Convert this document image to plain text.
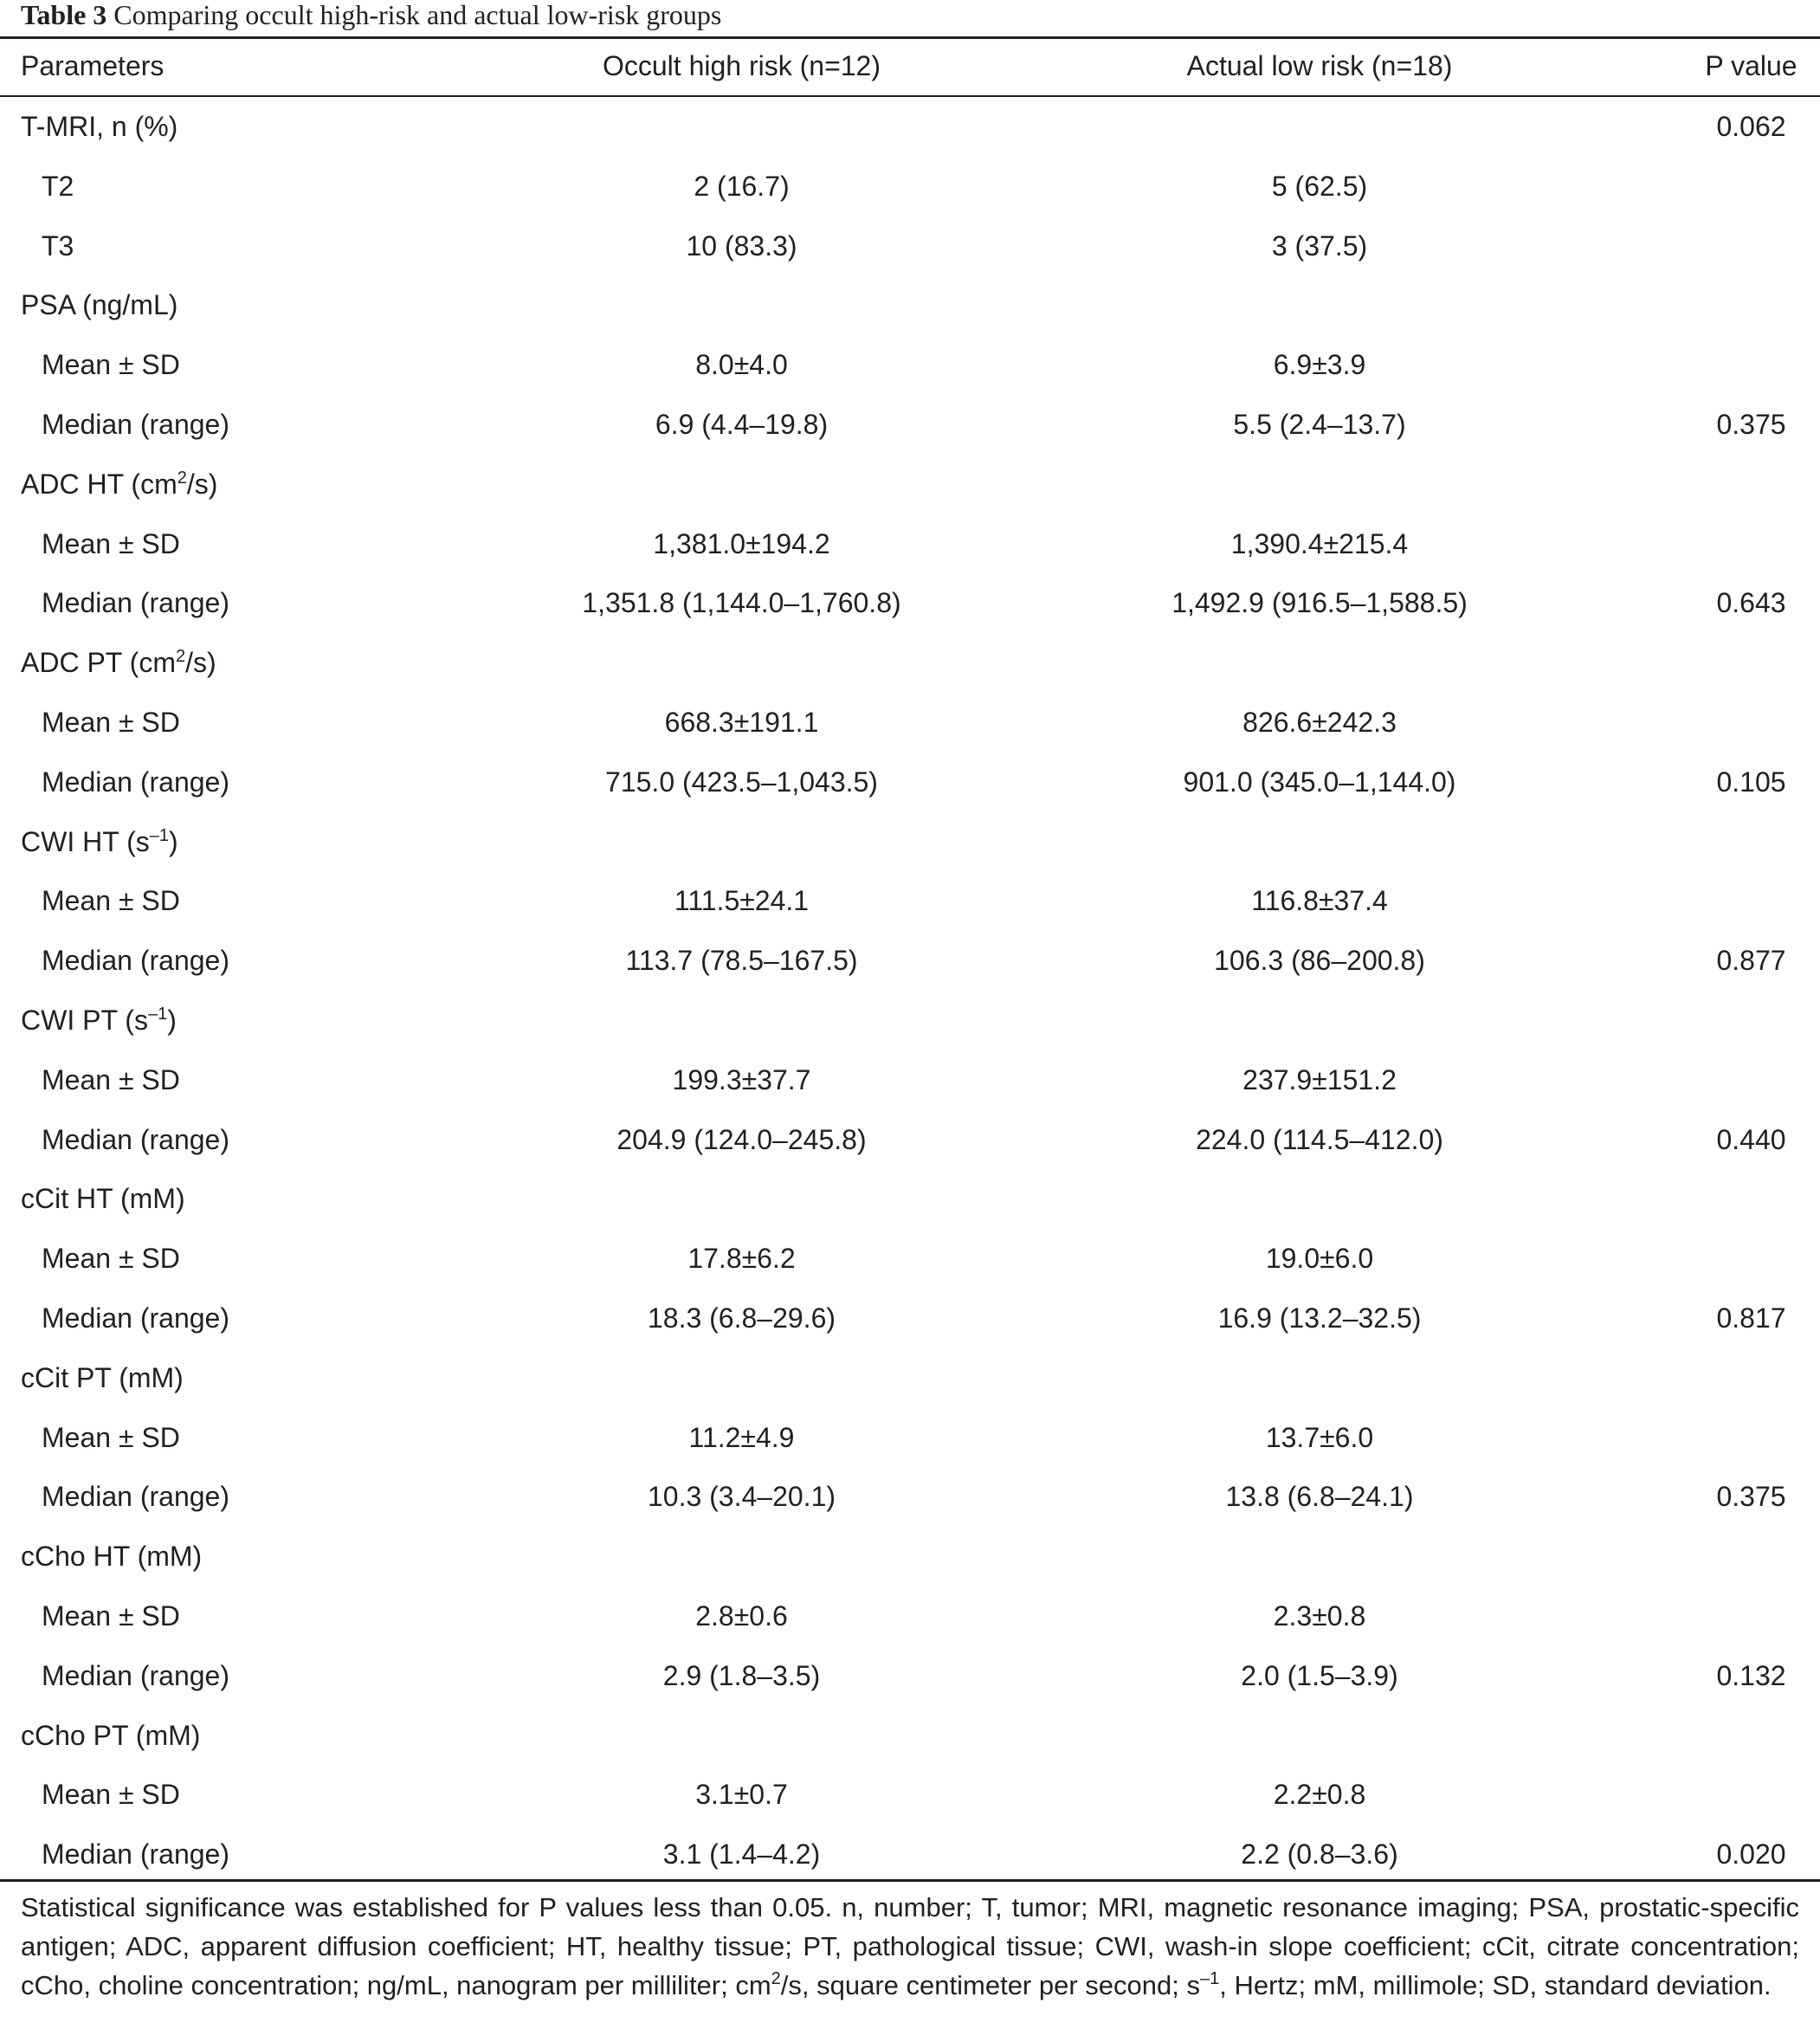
Table 3 Comparing occult high-risk and actual low-risk groups
Parameters	Occult high risk (n=12)	Actual low risk (n=18)	P value
T-MRI, n (%)			0.062
T2	2 (16.7)	5 (62.5)	
T3	10 (83.3)	3 (37.5)	
PSA (ng/mL)			
Mean ± SD	8.0±4.0	6.9±3.9	
Median (range)	6.9 (4.4–19.8)	5.5 (2.4–13.7)	0.375
ADC HT $(cm^2/s)$			
Mean ± SD	1,381.0±194.2	1,390.4±215.4	
Median (range)	1,351.8 (1,144.0–1,760.8)	1,492.9 (916.5–1,588.5)	0.643
ADC PT $(cm^2/s)$			
Mean ± SD	668.3±191.1	826.6±242.3	
Median (range)	715.0 (423.5–1,043.5)	901.0 (345.0–1,144.0)	0.105
CWI HT $(s^{-1})$			
Mean ± SD	111.5±24.1	116.8±37.4	
Median (range)	113.7 (78.5–167.5)	106.3 (86–200.8)	0.877
CWI PT $(s^{-1})$			
Mean ± SD	199.3±37.7	237.9±151.2	
Median (range)	204.9 (124.0–245.8)	224.0 (114.5–412.0)	0.440
cCit HT (mM)			
Mean ± SD	17.8±6.2	19.0±6.0	
Median (range)	18.3 (6.8–29.6)	16.9 (13.2–32.5)	0.817
cCit PT (mM)			
Mean ± SD	11.2±4.9	13.7±6.0	
Median (range)	10.3 (3.4–20.1)	13.8 (6.8–24.1)	0.375
cCho HT (mM)			
Mean ± SD	2.8±0.6	2.3±0.8	
Median (range)	2.9 (1.8–3.5)	2.0 (1.5–3.9)	0.132
cCho PT (mM)			
Mean ± SD	3.1±0.7	2.2±0.8	
Median (range)	3.1 (1.4–4.2)	2.2 (0.8–3.6)	0.020
Statistical significance was established for P values less than 0.05. n, number; T, tumor; MRI, magnetic resonance imaging; PSA, prostatic-specific antigen; ADC, apparent diffusion coefficient; HT, healthy tissue; PT, pathological tissue; CWI, wash-in slope coefficient; cCit, citrate concentration; cCho, choline concentration; ng/mL, nanogram per milliliter; $cm^2/s$, square centimeter per second; $s^{-1}$, Hertz; mM, millimole; SD, standard deviation.
